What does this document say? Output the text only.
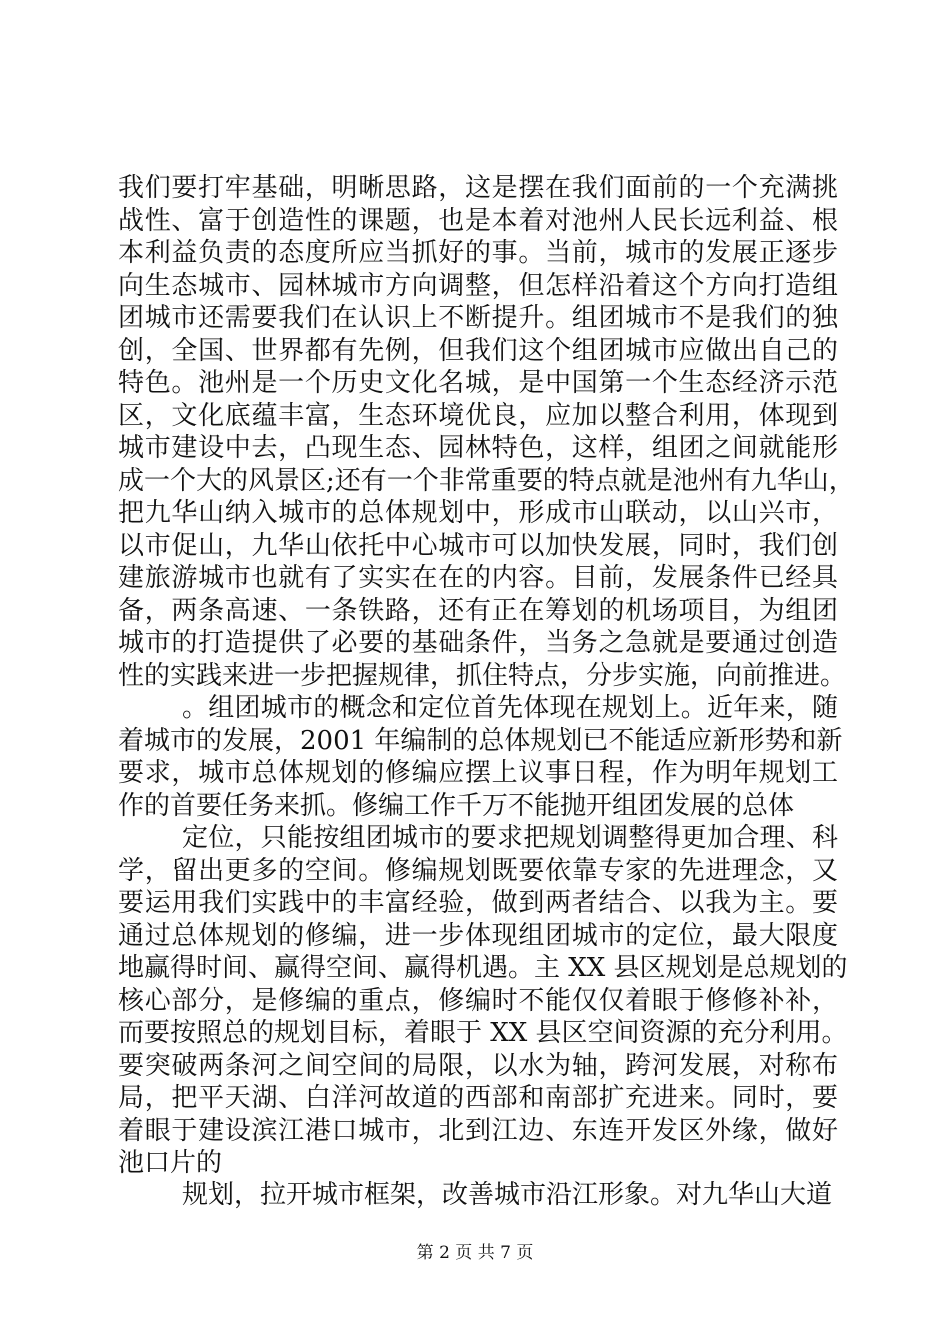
我们要打牢基础，明晰思路，这是摆在我们面前的一个充满挑
战性、富于创造性的课题，也是本着对池州人民长远利益、根
本利益负责的态度所应当抓好的事。当前，城市的发展正逐步
向生态城市、园林城市方向调整，但怎样沿着这个方向打造组
团城市还需要我们在认识上不断提升。组团城市不是我们的独
创，全国、世界都有先例，但我们这个组团城市应做出自己的
特色。池州是一个历史文化名城，是中国第一个生态经济示范
区，文化底蕴丰富，生态环境优良，应加以整合利用，体现到
城市建设中去，凸现生态、园林特色，这样，组团之间就能形
成一个大的风景区;还有一个非常重要的特点就是池州有九华山，
把九华山纳入城市的总体规划中，形成市山联动，以山兴市，
以市促山，九华山依托中心城市可以加快发展，同时，我们创
建旅游城市也就有了实实在在的内容。目前，发展条件已经具
备，两条高速、一条铁路，还有正在筹划的机场项目，为组团
城市的打造提供了必要的基础条件，当务之急就是要通过创造
性的实践来进一步把握规律，抓住特点，分步实施，向前推进。
。组团城市的概念和定位首先体现在规划上。近年来，随
着城市的发展，2001 年编制的总体规划已不能适应新形势和新
要求，城市总体规划的修编应摆上议事日程，作为明年规划工
作的首要任务来抓。修编工作千万不能抛开组团发展的总体
定位，只能按组团城市的要求把规划调整得更加合理、科
学，留出更多的空间。修编规划既要依靠专家的先进理念，又
要运用我们实践中的丰富经验，做到两者结合、以我为主。要
通过总体规划的修编，进一步体现组团城市的定位，最大限度
地赢得时间、赢得空间、赢得机遇。主 XX 县区规划是总规划的
核心部分，是修编的重点，修编时不能仅仅着眼于修修补补，
而要按照总的规划目标，着眼于 XX 县区空间资源的充分利用。
要突破两条河之间空间的局限，以水为轴，跨河发展，对称布
局，把平天湖、白洋河故道的西部和南部扩充进来。同时，要
着眼于建设滨江港口城市，北到江边、东连开发区外缘，做好
池口片的
规划，拉开城市框架，改善城市沿江形象。对九华山大道
第 2 页 共 7 页
